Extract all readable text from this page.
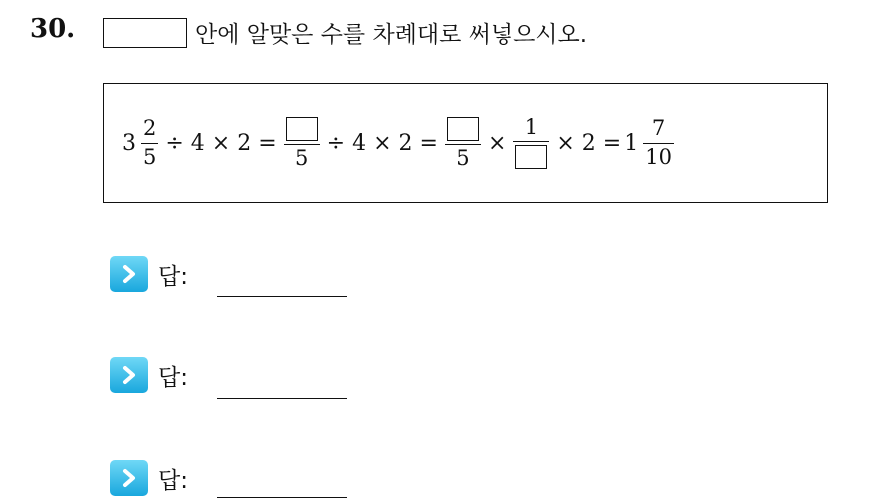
30.	안에 알맞은 수를 차례대로 써넣으시오.
$3 \frac{2}{5} \div 4 \times 2$ =
5
÷ 4 × 2 =
5
×
1
× $2 = 1 \frac{7}{10}$
답:
답:
답:
